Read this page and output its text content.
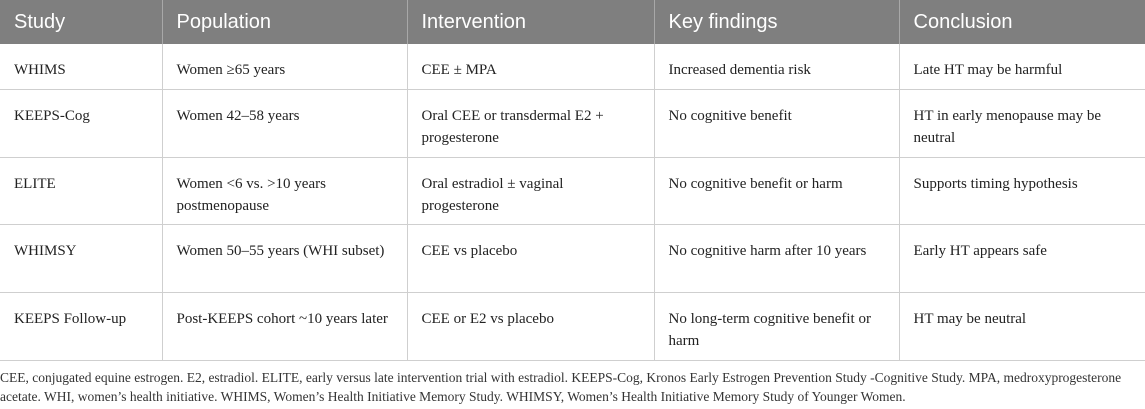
Study	Population	Intervention	Key findings	Conclusion
WHIMS	Women ≥65 years	CEE ± MPA	Increased dementia risk	Late HT may be harmful
KEEPS-Cog	Women 42–58 years	Oral CEE or transdermal E2 + progesterone	No cognitive benefit	HT in early menopause may be neutral
ELITE	Women <6 vs. >10 years postmenopause	Oral estradiol ± vaginal progesterone	No cognitive benefit or harm	Supports timing hypothesis
WHIMSY	Women 50–55 years (WHI subset)	CEE vs placebo	No cognitive harm after 10 years	Early HT appears safe
KEEPS Follow-up	Post-KEEPS cohort ~10 years later	CEE or E2 vs placebo	No long-term cognitive benefit or harm	HT may be neutral
CEE, conjugated equine estrogen. E2, estradiol. ELITE, early versus late intervention trial with estradiol. KEEPS-Cog, Kronos Early Estrogen Prevention Study -Cognitive Study. MPA, medroxyprogesterone acetate. WHI, women’s health initiative. WHIMS, Women’s Health Initiative Memory Study. WHIMSY, Women’s Health Initiative Memory Study of Younger Women.
